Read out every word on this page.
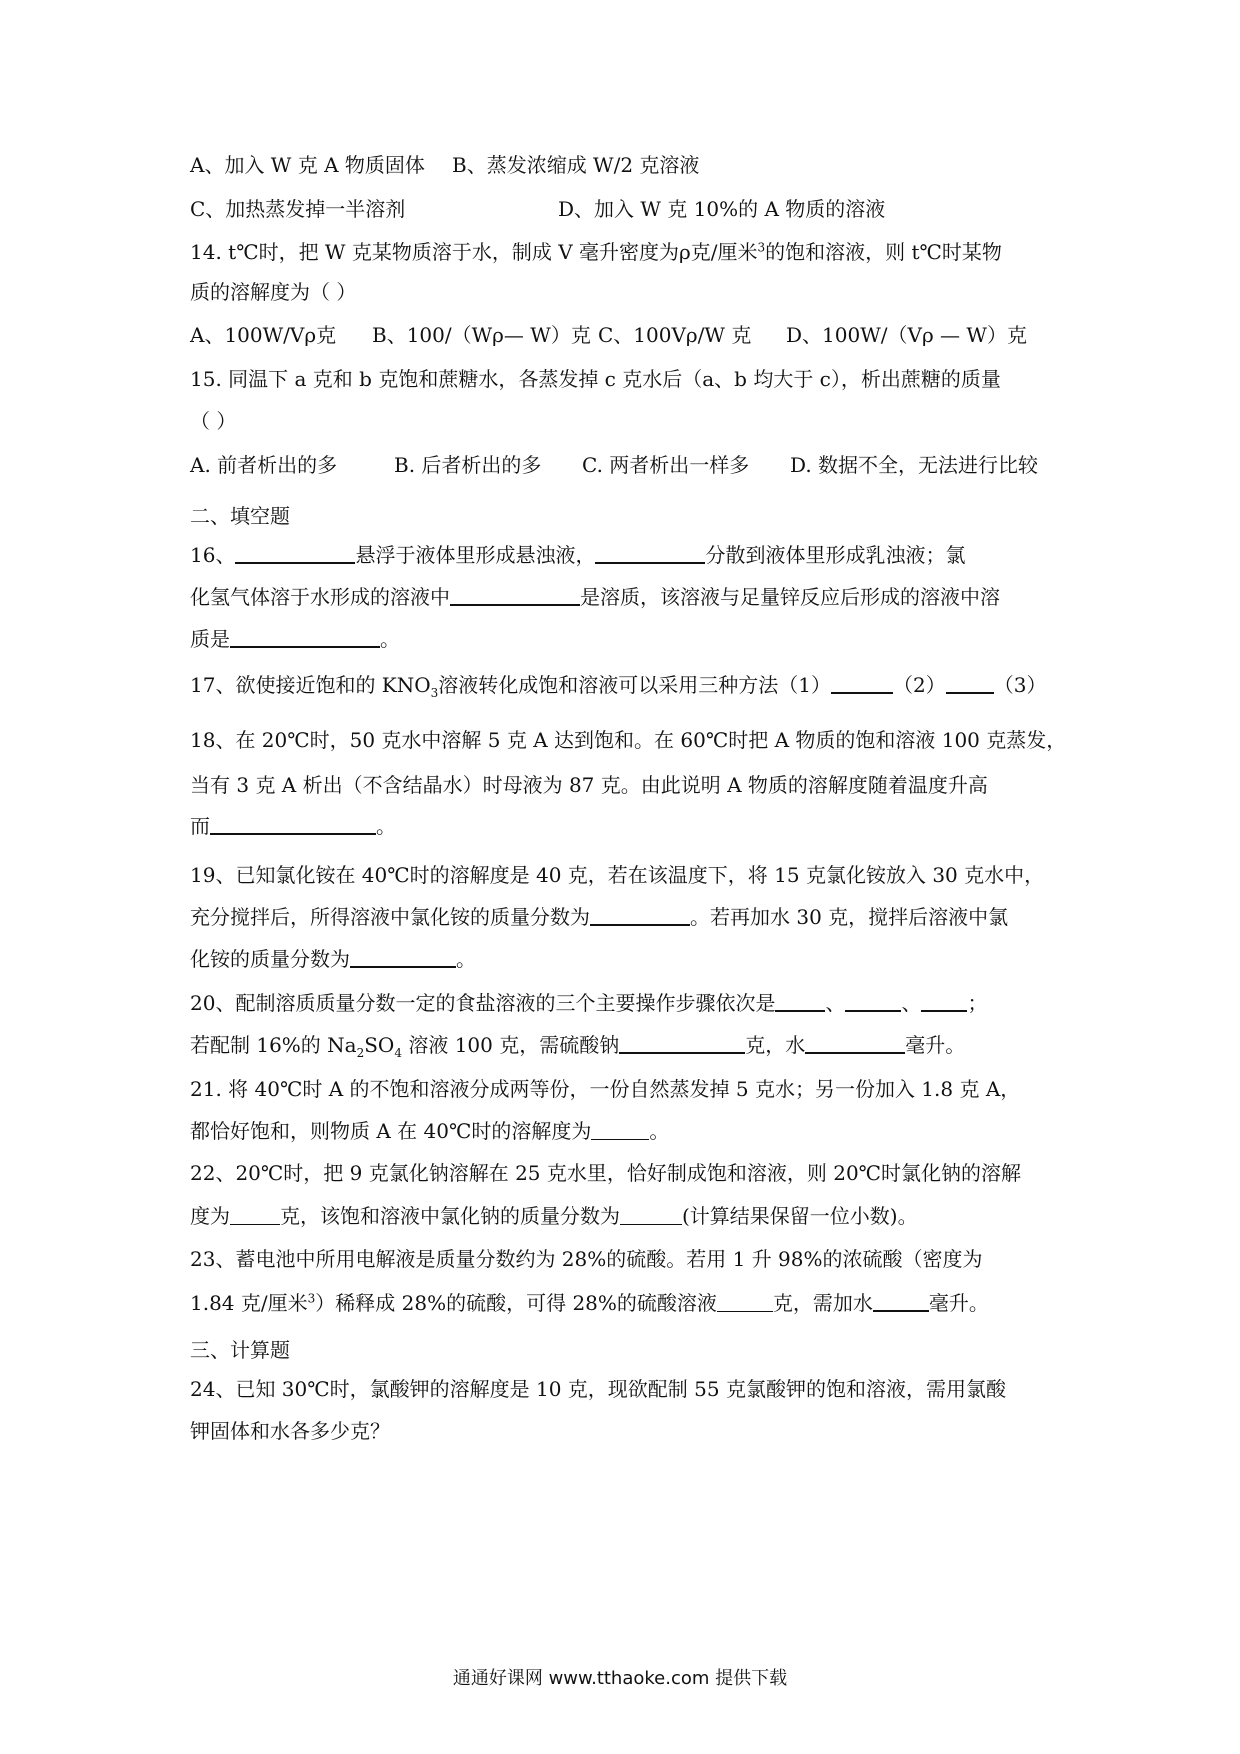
A、加入 W 克 A 物质固体 B、蒸发浓缩成 W/2 克溶液
C、加热蒸发掉一半溶剂	D、加入 W 克 10%的 A 物质的溶液
14. t℃时，把 W 克某物质溶于水，制成 V 毫升密度为ρ克/厘米$^3$的饱和溶液，则 t℃时某物
质的溶解度为（ ）
A、100W/Vρ克 B、100/（Wρ— W）克 C、100Vρ/W 克 D、100W/（Vρ — W）克
15. 同温下 a 克和 b 克饱和蔗糖水，各蒸发掉 c 克水后（a、b 均大于 c），析出蔗糖的质量
（ ）
A. 前者析出的多	B. 后者析出的多 C. 两者析出一样多 D. 数据不全，无法进行比较
二、填空题
16、	悬浮于液体里形成悬浊液，	分散到液体里形成乳浊液；氯
化氢气体溶于水形成的溶液中	是溶质，该溶液与足量锌反应后形成的溶液中溶
质是	。
17、欲使接近饱和的 $KNO_3$溶液转化成饱和溶液可以采用三种方法（1）	（2） （3）
18、在 20℃时，50 克水中溶解 5 克 A 达到饱和。在 60℃时把 A 物质的饱和溶液 100 克蒸发，
当有 3 克 A 析出（不含结晶水）时母液为 87 克。由此说明 A 物质的溶解度随着温度升高
而	。
19、已知氯化铵在 40℃时的溶解度是 40 克，若在该温度下，将 15 克氯化铵放入 30 克水中，
充分搅拌后，所得溶液中氯化铵的质量分数为	。若再加水 30 克，搅拌后溶液中氯
化铵的质量分数为	。
20、配制溶质质量分数一定的食盐溶液的三个主要操作步骤依次是	、	、 ；
若配制 16%的 $Na_2SO_4$ 溶液 100 克，需硫酸钠	克，水	毫升。
21. 将 40℃时 A 的不饱和溶液分成两等份，一份自然蒸发掉 5 克水；另一份加入 1.8 克 A，
都恰好饱和，则物质 A 在 40℃时的溶解度为	。
22、20℃时，把 9 克氯化钠溶解在 25 克水里，恰好制成饱和溶液，则 20℃时氯化钠的溶解
度为	克，该饱和溶液中氯化钠的质量分数为	(计算结果保留一位小数)。
23、蓄电池中所用电解液是质量分数约为 28%的硫酸。若用 1 升 98%的浓硫酸（密度为
1.84 克/厘米$^3$）稀释成 28%的硫酸，可得 28%的硫酸溶液	克，需加水	毫升。
三、计算题
24、已知 30℃时，氯酸钾的溶解度是 10 克，现欲配制 55 克氯酸钾的饱和溶液，需用氯酸
钾固体和水各多少克？
通通好课网 www.tthaoke.com 提供下载
